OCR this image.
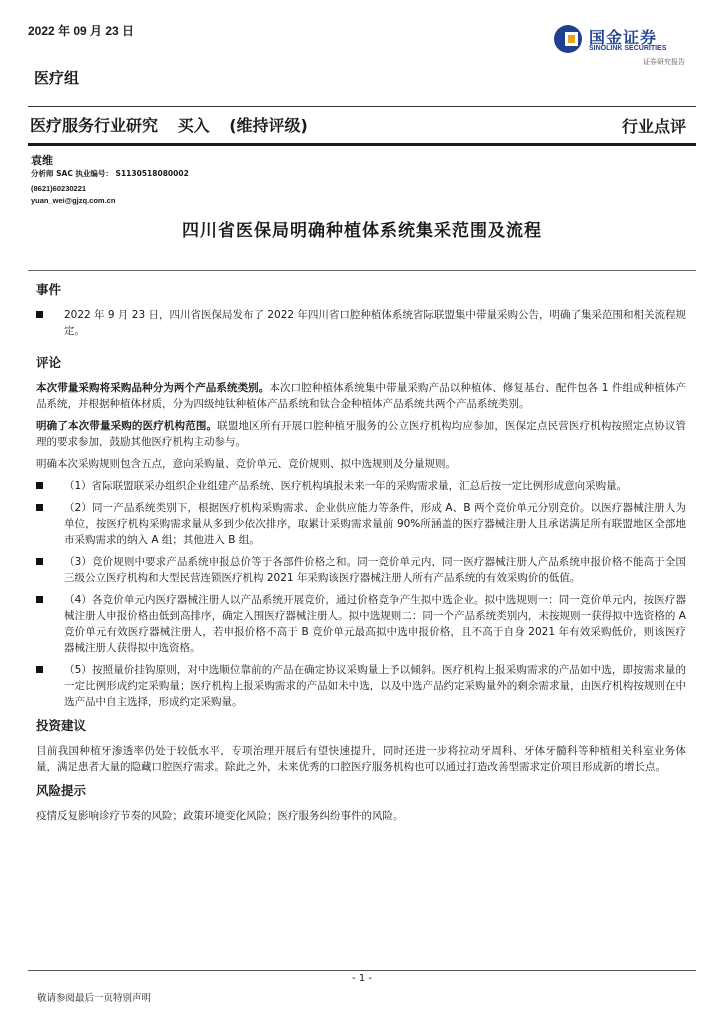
2022 年 09 月 23 日	国金证券
SINOLINK SECURITIES
证券研究报告
医疗组
医疗服务行业研究 买入 (维持评级)	行业点评
袁维
分析师 SAC 执业编号： S1130518080002
(8621)60230221
yuan_wei@gjzq.com.cn
四川省医保局明确种植体系统集采范围及流程
事件
2022 年 9 月 23 日，四川省医保局发布了 2022 年四川省口腔种植体系统省际联盟集中带量采购公告，明确了集采范围和相关流程规定。
评论
本次带量采购将采购品种分为两个产品系统类别。本次口腔种植体系统集中带量采购产品以种植体、修复基台、配件包各 1 件组成种植体产品系统，并根据种植体材质，分为四级纯钛种植体产品系统和钛合金种植体产品系统共两个产品系统类别。
明确了本次带量采购的医疗机构范围。联盟地区所有开展口腔种植牙服务的公立医疗机构均应参加，医保定点民营医疗机构按照定点协议管理的要求参加，鼓励其他医疗机构主动参与。
明确本次采购规则包含五点，意向采购量、竞价单元、竞价规则、拟中选规则及分量规则。
（1）省际联盟联采办组织企业组建产品系统、医疗机构填报未来一年的采购需求量，汇总后按一定比例形成意向采购量。
（2）同一产品系统类别下，根据医疗机构采购需求、企业供应能力等条件，形成 A、B 两个竞价单元分别竞价。以医疗器械注册人为单位，按医疗机构采购需求量从多到少依次排序，取累计采购需求量前 90%所涵盖的医疗器械注册人且承诺满足所有联盟地区全部地市采购需求的纳入 A 组；其他进入 B 组。
（3）竞价规则中要求产品系统申报总价等于各部件价格之和。同一竞价单元内，同一医疗器械注册人产品系统申报价格不能高于全国三级公立医疗机构和大型民营连锁医疗机构 2021 年采购该医疗器械注册人所有产品系统的有效采购价的低值。
（4）各竞价单元内医疗器械注册人以产品系统开展竞价，通过价格竞争产生拟中选企业。拟中选规则一：同一竞价单元内，按医疗器械注册人申报价格由低到高排序，确定入围医疗器械注册人。拟中选规则二：同一个产品系统类别内，未按规则一获得拟中选资格的 A 竞价单元有效医疗器械注册人，若申报价格不高于 B 竞价单元最高拟中选申报价格，且不高于自身 2021 年有效采购低价，则该医疗器械注册人获得拟中选资格。
（5）按照量价挂钩原则，对中选顺位靠前的产品在确定协议采购量上予以倾斜。医疗机构上报采购需求的产品如中选，即按需求量的一定比例形成约定采购量；医疗机构上报采购需求的产品如未中选，以及中选产品约定采购量外的剩余需求量，由医疗机构按规则在中选产品中自主选择，形成约定采购量。
投资建议
目前我国种植牙渗透率仍处于较低水平，专项治理开展后有望快速提升，同时还进一步将拉动牙周科、牙体牙髓科等种植相关科室业务体量，满足患者大量的隐藏口腔医疗需求。除此之外，未来优秀的口腔医疗服务机构也可以通过打造改善型需求定价项目形成新的增长点。
风险提示
疫情反复影响诊疗节奏的风险；政策环境变化风险；医疗服务纠纷事件的风险。
- 1 -
敬请参阅最后一页特别声明
